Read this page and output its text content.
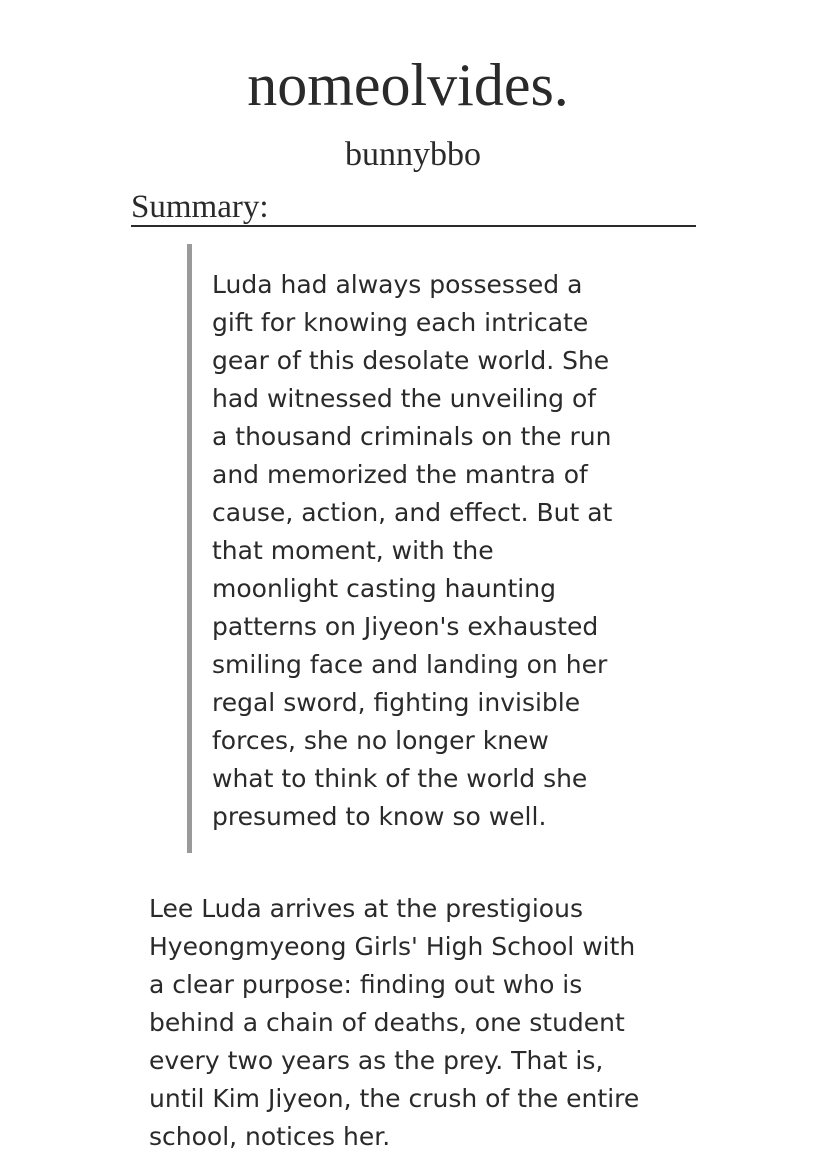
nomeolvides.
bunnybbo
Summary:

Luda had always possessed a
gift for knowing each intricate
gear of this desolate world. She
had witnessed the unveiling of
a thousand criminals on the run
and memorized the mantra of
cause, action, and effect. But at
that moment, with the
moonlight casting haunting
patterns on Jiyeon's exhausted
smiling face and landing on her
regal sword, fighting invisible
forces, she no longer knew
what to think of the world she
presumed to know so well.

Lee Luda arrives at the prestigious
Hyeongmyeong Girls' High School with
a clear purpose: finding out who is
behind a chain of deaths, one student
every two years as the prey. That is,
until Kim Jiyeon, the crush of the entire
school, notices her.
